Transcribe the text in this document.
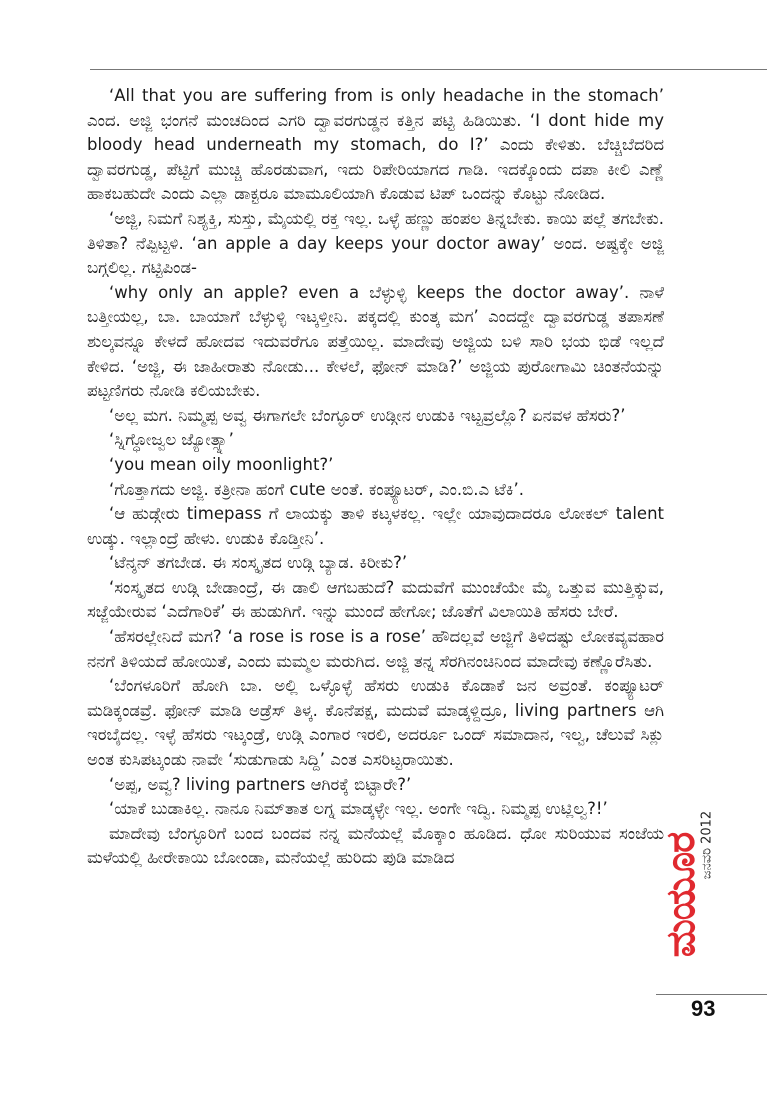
‘All that you are suffering from is only headache in the stomach’ ಎಂದ. ಅಜ್ಜಿ ಭಂಗನೆ ಮಂಚದಿಂದ ಎಗರಿ ದ್ವಾವರಗುಡ್ಡನ ಕತ್ತಿನ ಪಟ್ಟಿ ಹಿಡಿಯಿತು. ‘I dont hide my bloody head underneath my stomach, do I?’ ಎಂದು ಕೇಳಿತು. ಬೆಚ್ಚಿಬೆದರಿದ ದ್ವಾವರಗುಡ್ಡ, ಪೆಟ್ಟಿಗೆ ಮುಚ್ಚಿ ಹೊರಡುವಾಗ, ಇದು ರಿಪೇರಿಯಾಗದ ಗಾಡಿ. ಇದಕ್ಕೊಂದು ದಪಾ ಕೀಲಿ ಎಣ್ಣೆ ಹಾಕಬಹುದೇ ಎಂದು ಎಲ್ಲಾ ಡಾಕ್ಟರೂ ಮಾಮೂಲಿಯಾಗಿ ಕೊಡುವ ಟಿಪ್ ಒಂದನ್ನು ಕೊಟ್ಟು ನೋಡಿದ.

‘ಅಜ್ಜಿ, ನಿಮಗೆ ನಿಶ್ಯಕ್ತಿ, ಸುಸ್ತು, ಮೈಯಲ್ಲಿ ರಕ್ತ ಇಲ್ಲ. ಒಳ್ಳೆ ಹಣ್ಣು ಹಂಪಲ ತಿನ್ನಬೇಕು. ಕಾಯಿ ಪಲ್ಲೆ ತಗಬೇಕು. ತಿಳಿತಾ? ನೆಪ್ಪಿಟ್ಟಳಿ. ‘an apple a day keeps your doctor away’ ಅಂದ. ಅಷ್ಟಕ್ಕೇ ಅಜ್ಜಿ ಬಗ್ಗಲಿಲ್ಲ. ಗಟ್ಟಿಪಿಂಡ-

‘why only an apple? even a ಬೆಳ್ಳುಳ್ಳಿ keeps the doctor away’. ನಾಳೆ ಬತ್ತೀಯಲ್ಲ, ಬಾ. ಬಾಯಾಗೆ ಬೆಳ್ಳುಳ್ಳಿ ಇಟ್ಕಳ್ತೀನಿ. ಪಕ್ಕದಲ್ಲಿ ಕುಂತ್ಕ ಮಗ’ ಎಂದದ್ದೇ ದ್ವಾವರಗುಡ್ಡ ತಪಾಸಣೆ ಶುಲ್ಕವನ್ನೂ ಕೇಳದೆ ಹೋದವ ಇದುವರೆಗೂ ಪತ್ತೆಯಿಲ್ಲ. ಮಾದೇವು ಅಜ್ಜಿಯ ಬಳಿ ಸಾರಿ ಭಯ ಭಿಡೆ ಇಲ್ಲದೆ ಕೇಳಿದ. ‘ಅಜ್ಜಿ, ಈ ಜಾಹೀರಾತು ನೋಡು... ಕೇಳಲೆ, ಫೋನ್ ಮಾಡಿ?’ ಅಜ್ಜಿಯ ಪುರೋಗಾಮಿ ಚಿಂತನೆಯನ್ನು ಪಟ್ಟಣಿಗರು ನೋಡಿ ಕಲಿಯಬೇಕು.

‘ಅಲ್ಲ ಮಗ. ನಿಮ್ಮಪ್ಪ ಅವ್ವ ಈಗಾಗಲೇ ಬೆಂಗ್ಳೂರ್ ಉಡ್ಗೀನ ಉಡುಕಿ ಇಟ್ಟವ್ರಲ್ಲೊ? ಏನವಳ ಹೆಸರು?’

‘ಸ್ನಿಗ್ಧೋಜ್ವಲ ಜ್ಯೋತ್ಸ್ನಾ’

‘you mean oily moonlight?’

‘ಗೊತ್ತಾಗದು ಅಜ್ಜಿ. ಕತ್ರೀನಾ ಹಂಗೆ cute ಅಂತೆ. ಕಂಪ್ಯೂಟರ್, ಎಂ.ಬಿ.ಎ ಟೆಕಿ’.

‘ಆ ಹುಡ್ಗೇರು timepass ಗೆ ಲಾಯಕ್ಕು ತಾಳಿ ಕಟ್ಕಳಕಲ್ಲ. ಇಲ್ಲೇ ಯಾವುದಾದರೂ ಲೋಕಲ್ talent ಉಡ್ಕು. ಇಲ್ಲಾಂದ್ರೆ ಹೇಳು. ಉಡುಕಿ ಕೊಡ್ತೀನಿ’.

‘ಟೆನ್ಶನ್ ತಗಬೇಡ. ಈ ಸಂಸ್ಕೃತದ ಉಡ್ಗಿ ಬ್ಯಾಡ. ಕಿರೀಕು?’

‘ಸಂಸ್ಕೃತದ ಉಡ್ಗಿ ಬೇಡಾಂದ್ರೆ, ಈ ಡಾಲಿ ಆಗಬಹುದೆ? ಮದುವೆಗೆ ಮುಂಚೆಯೇ ಮೈ ಒತ್ತುವ ಮುತ್ತಿಕ್ಕುವ, ಸಜ್ಜೆಯೇರುವ ‘ಎದೆಗಾರಿಕೆ’ ಈ ಹುಡುಗಿಗೆ. ಇನ್ನು ಮುಂದೆ ಹೇಗೋ; ಜೊತೆಗೆ ವಿಲಾಯಿತಿ ಹೆಸರು ಬೇರೆ.

‘ಹೆಸರಲ್ಲೇನಿದೆ ಮಗ? ‘a rose is rose is a rose’ ಹೌದಲ್ಲವೆ ಅಜ್ಜಿಗೆ ತಿಳಿದಷ್ಟು ಲೋಕವ್ಯವಹಾರ ನನಗೆ ತಿಳಿಯದೆ ಹೋಯಿತೆ, ಎಂದು ಮಮ್ಮಲ ಮರುಗಿದ. ಅಜ್ಜಿ ತನ್ನ ಸೆರಗಿನಂಚಿನಿಂದ ಮಾದೇವು ಕಣ್ಣೊರೆಸಿತು.

‘ಬೆಂಗಳೂರಿಗೆ ಹೋಗಿ ಬಾ. ಅಲ್ಲಿ ಒಳ್ಳೊಳ್ಳೆ ಹೆಸರು ಉಡುಕಿ ಕೊಡಾಕೆ ಜನ ಅವ್ರಂತೆ. ಕಂಪ್ಯೂಟರ್ ಮಡಿಕ್ಕಂಡವ್ರೆ. ಫೋನ್ ಮಾಡಿ ಅಡ್ರೆಸ್ ತಿಳ್ಕ. ಕೊನೆಪಕ್ಷ, ಮದುವೆ ಮಾಡ್ಕಳ್ದಿದ್ರೂ, living partners ಆಗಿ ಇರಬೈದಲ್ಲ. ಇಳ್ಳೆ ಹೆಸರು ಇಟ್ಕಂಡ್ರೆ, ಉಡ್ಗಿ ಎಂಗಾರ ಇರಲಿ, ಅದರ್ರೂ ಒಂದ್ ಸಮಾದಾನ, ಇಲ್ವ, ಚೆಲುವೆ ಸಿಕ್ಲು ಅಂತ ಕುಸಿಪಟ್ಕಂಡು ನಾವೇ ‘ಸುಡುಗಾಡು ಸಿದ್ದಿ’ ಎಂತ ಎಸರಿಟ್ಟರಾಯಿತು.

‘ಅಪ್ಪ, ಅವ್ವ? living partners ಆಗಿರಕ್ಕೆ ಬಿಟ್ಟಾರೇ?’

‘ಯಾಕೆ ಬುಡಾಕಿಲ್ಲ. ನಾನೂ ನಿಮ್‌ತಾತ ಲಗ್ನ ಮಾಡ್ಕಳ್ಳೇ ಇಲ್ಲ. ಅಂಗೇ ಇದ್ವಿ. ನಿಮ್ಮಪ್ಪ ಉಟ್ಲಿಲ್ವ?!’

ಮಾದೇವು ಬೆಂಗ್ಳೂರಿಗೆ ಬಂದ ಬಂದವ ನನ್ನ ಮನೆಯಲ್ಲೆ ಮೊಕ್ಕಾಂ ಹೂಡಿದ. ಧೋ ಸುರಿಯುವ ಸಂಜೆಯ ಮಳೆಯಲ್ಲಿ ಹೀರೇಕಾಯಿ ಬೋಂಡಾ, ಮನೆಯಲ್ಲೆ ಹುರಿದು ಪುಡಿ ಮಾಡಿದ	ಮಯೂರ
ಜನವರಿ 2012
93
